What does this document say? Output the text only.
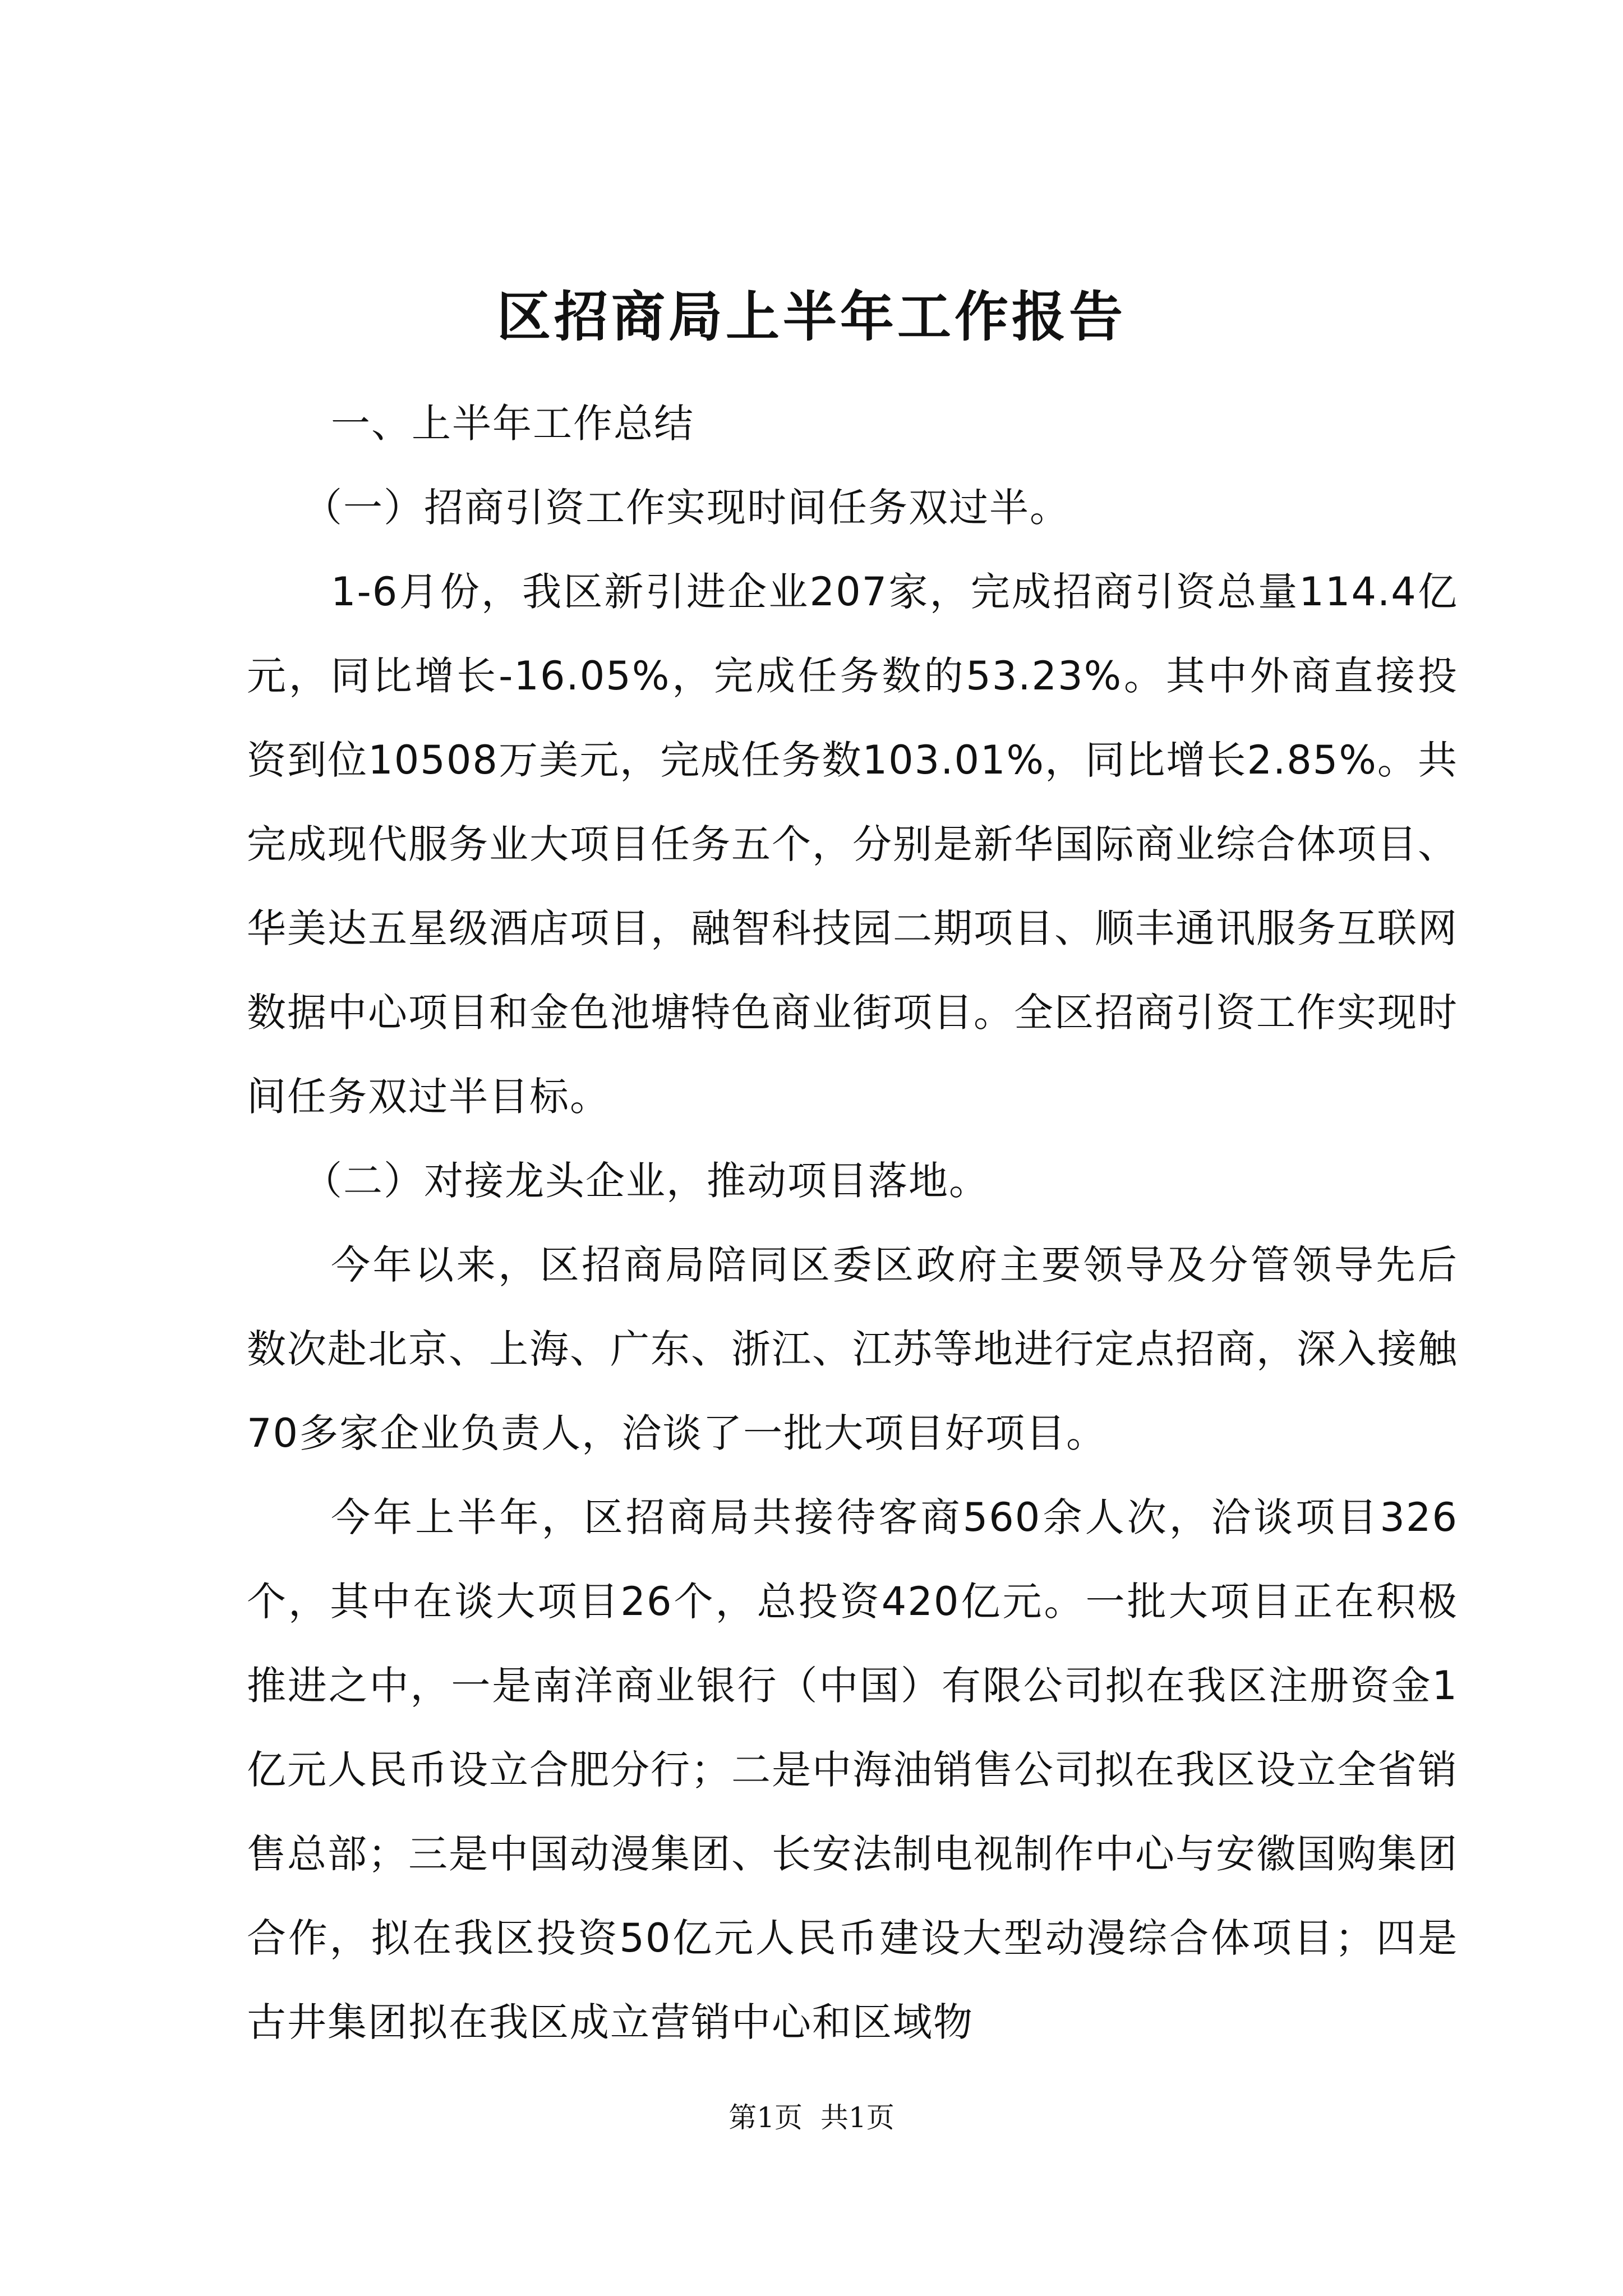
区招商局上半年工作报告

一、上半年工作总结

（一）招商引资工作实现时间任务双过半。

1-6月份，我区新引进企业207家，完成招商引资总量114.4亿元，同比增长-16.05%，完成任务数的53.23%。其中外商直接投资到位10508万美元，完成任务数103.01%，同比增长2.85%。共完成现代服务业大项目任务五个，分别是新华国际商业综合体项目、华美达五星级酒店项目，融智科技园二期项目、顺丰通讯服务互联网数据中心项目和金色池塘特色商业街项目。全区招商引资工作实现时间任务双过半目标。

（二）对接龙头企业，推动项目落地。

今年以来，区招商局陪同区委区政府主要领导及分管领导先后数次赴北京、上海、广东、浙江、江苏等地进行定点招商，深入接触70多家企业负责人，洽谈了一批大项目好项目。

今年上半年，区招商局共接待客商560余人次，洽谈项目326个，其中在谈大项目26个，总投资420亿元。一批大项目正在积极推进之中，一是南洋商业银行（中国）有限公司拟在我区注册资金1亿元人民币设立合肥分行；二是中海油销售公司拟在我区设立全省销售总部；三是中国动漫集团、长安法制电视制作中心与安徽国购集团合作，拟在我区投资50亿元人民币建设大型动漫综合体项目；四是古井集团拟在我区成立营销中心和区域物

第1页 共1页
